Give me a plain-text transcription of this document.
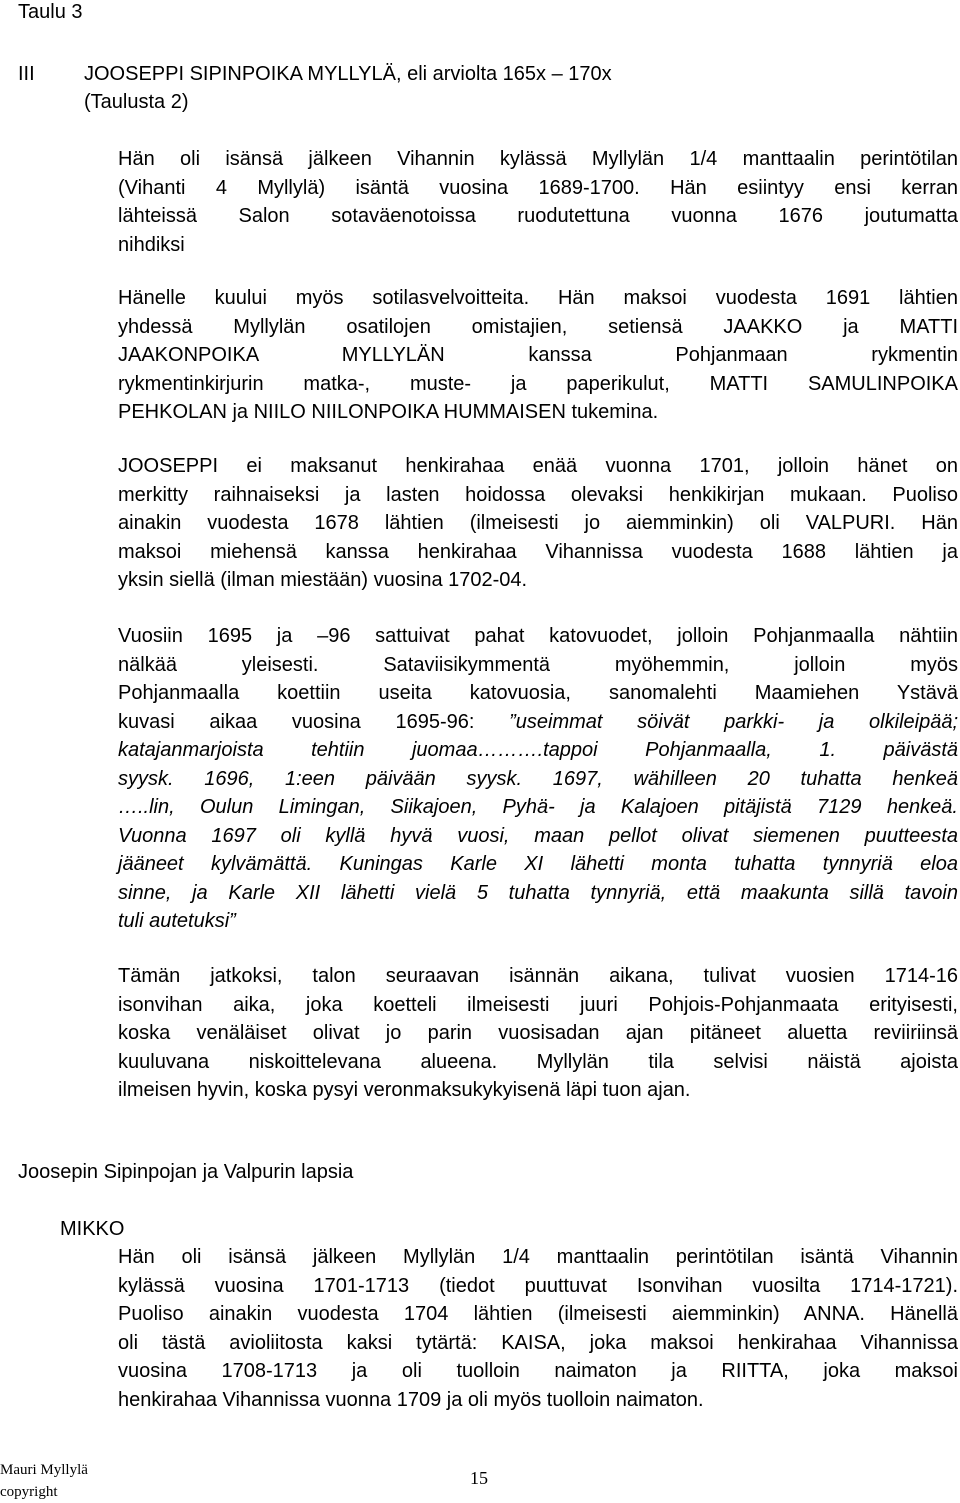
Taulu 3
III JOOSEPPI SIPINPOIKA MYLLYLÄ, eli arviolta 165x – 170x
(Taulusta 2)
Hän oli isänsä jälkeen Vihannin kylässä Myllylän 1/4 manttaalin perintötilan
(Vihanti 4 Myllylä) isäntä vuosina 1689-1700. Hän esiintyy ensi kerran
lähteissä Salon sotaväenotoissa ruodutettuna vuonna 1676 joutumatta
nihdiksi
Hänelle kuului myös sotilasvelvoitteita. Hän maksoi vuodesta 1691 lähtien
yhdessä Myllylän osatilojen omistajien, setiensä JAAKKO ja MATTI
JAAKONPOIKA MYLLYLÄN kanssa Pohjanmaan rykmentin
rykmentinkirjurin matka-, muste- ja paperikulut, MATTI SAMULINPOIKA
PEHKOLAN ja NIILO NIILONPOIKA HUMMAISEN tukemina.
JOOSEPPI ei maksanut henkirahaa enää vuonna 1701, jolloin hänet on
merkitty raihnaiseksi ja lasten hoidossa olevaksi henkikirjan mukaan. Puoliso
ainakin vuodesta 1678 lähtien (ilmeisesti jo aiemminkin) oli VALPURI. Hän
maksoi miehensä kanssa henkirahaa Vihannissa vuodesta 1688 lähtien ja
yksin siellä (ilman miestään) vuosina 1702-04.
Vuosiin 1695 ja –96 sattuivat pahat katovuodet, jolloin Pohjanmaalla nähtiin
nälkää yleisesti. Sataviisikymmentä myöhemmin, jolloin myös
Pohjanmaalla koettiin useita katovuosia, sanomalehti Maamiehen Ystävä
kuvasi aikaa vuosina 1695-96: ”useimmat söivät parkki- ja olkileipää;
katajanmarjoista tehtiin juomaa……….tappoi Pohjanmaalla, 1. päivästä
syysk. 1696, 1:een päivään syysk. 1697, wähilleen 20 tuhatta henkeä
…..lin, Oulun Limingan, Siikajoen, Pyhä- ja Kalajoen pitäjistä 7129 henkeä.
Vuonna 1697 oli kyllä hyvä vuosi, maan pellot olivat siemenen puutteesta
jääneet kylvämättä. Kuningas Karle XI lähetti monta tuhatta tynnyriä eloa
sinne, ja Karle XII lähetti vielä 5 tuhatta tynnyriä, että maakunta sillä tavoin
tuli autetuksi”
Tämän jatkoksi, talon seuraavan isännän aikana, tulivat vuosien 1714-16
isonvihan aika, joka koetteli ilmeisesti juuri Pohjois-Pohjanmaata erityisesti,
koska venäläiset olivat jo parin vuosisadan ajan pitäneet aluetta reviiriinsä
kuuluvana niskoittelevana alueena. Myllylän tila selvisi näistä ajoista
ilmeisen hyvin, koska pysyi veronmaksukykyisenä läpi tuon ajan.
Joosepin Sipinpojan ja Valpurin lapsia
MIKKO
Hän oli isänsä jälkeen Myllylän 1/4 manttaalin perintötilan isäntä Vihannin
kylässä vuosina 1701-1713 (tiedot puuttuvat Isonvihan vuosilta 1714-1721).
Puoliso ainakin vuodesta 1704 lähtien (ilmeisesti aiemminkin) ANNA. Hänellä
oli tästä avioliitosta kaksi tytärtä: KAISA, joka maksoi henkirahaa Vihannissa
vuosina 1708-1713 ja oli tuolloin naimaton ja RIITTA, joka maksoi
henkirahaa Vihannissa vuonna 1709 ja oli myös tuolloin naimaton.
Mauri Myllylä
copyright
15
